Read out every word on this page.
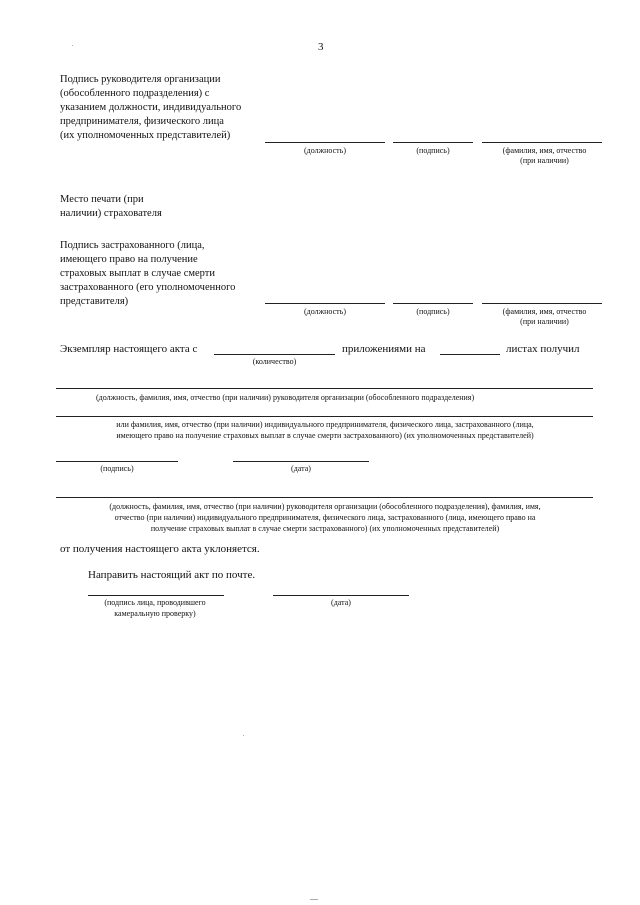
3
Подпись руководителя организации
(обособленного подразделения) с
указанием должности, индивидуального
предпринимателя, физического лица
(их уполномоченных представителей)
(должность)	(подпись)	(фамилия, имя, отчество
(при наличии)
Место печати (при
наличии) страхователя
Подпись застрахованного (лица,
имеющего право на получение
страховых выплат в случае смерти
застрахованного (его уполномоченного
представителя)
(должность)	(подпись)	(фамилия, имя, отчество
(при наличии)
Экземпляр настоящего акта с	приложениями на	листах получил
(количество)
(должность, фамилия, имя, отчество (при наличии) руководителя организации (обособленного подразделения)
или фамилия, имя, отчество (при наличии) индивидуального предпринимателя, физического лица, застрахованного (лица,
имеющего право на получение страховых выплат в случае смерти застрахованного) (их уполномоченных представителей)
(подпись)	(дата)
(должность, фамилия, имя, отчество (при наличии) руководителя организации (обособленного подразделения), фамилия, имя,
отчество (при наличии) индивидуального предпринимателя, физического лица, застрахованного (лица, имеющего право на
получение страховых выплат в случае смерти застрахованного) (их уполномоченных представителей)
от получения настоящего акта уклоняется.
Направить настоящий акт по почте.
(подпись лица, проводившего
камеральную проверку)
(дата)
